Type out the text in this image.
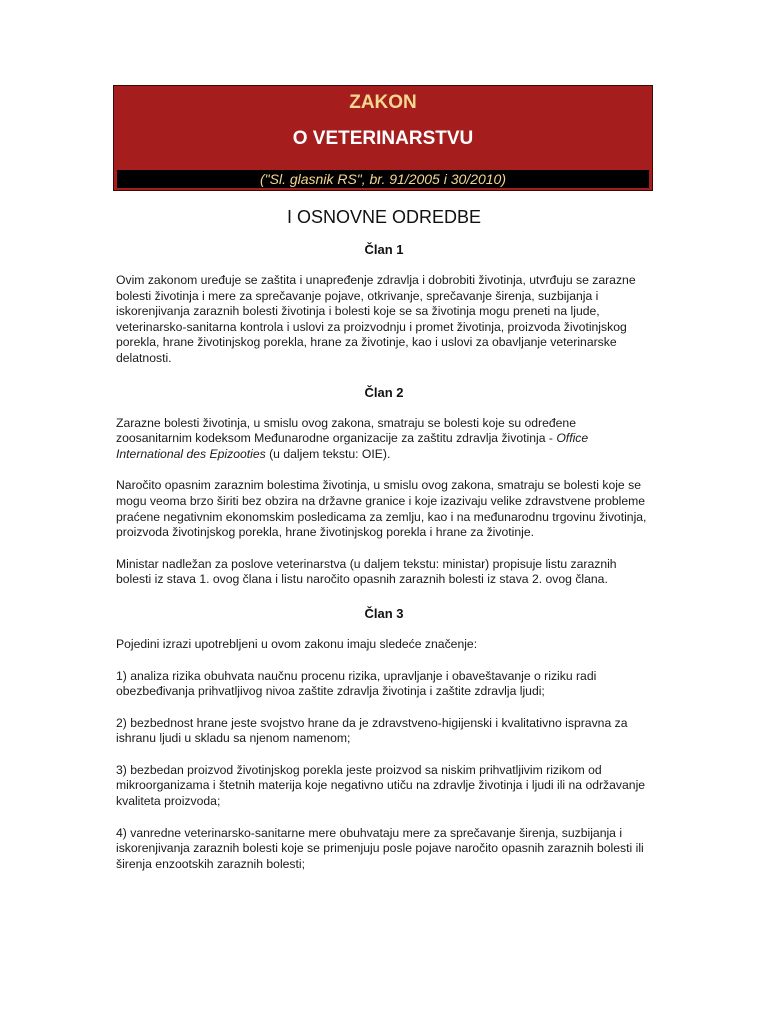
ZAKON
O VETERINARSTVU
("Sl. glasnik RS", br. 91/2005 i 30/2010)
I OSNOVNE ODREDBE
Član 1

Ovim zakonom uređuje se zaštita i unapređenje zdravlja i dobrobiti životinja, utvrđuju se zarazne bolesti životinja i mere za sprečavanje pojave, otkrivanje, sprečavanje širenja, suzbijanja i iskorenjivanja zaraznih bolesti životinja i bolesti koje se sa životinja mogu preneti na ljude, veterinarsko-sanitarna kontrola i uslovi za proizvodnju i promet životinja, proizvoda životinjskog porekla, hrane životinjskog porekla, hrane za životinje, kao i uslovi za obavljanje veterinarske delatnosti.

Član 2

Zarazne bolesti životinja, u smislu ovog zakona, smatraju se bolesti koje su određene zoosanitarnim kodeksom Međunarodne organizacije za zaštitu zdravlja životinja - Office International des Epizooties (u daljem tekstu: OIE).

Naročito opasnim zaraznim bolestima životinja, u smislu ovog zakona, smatraju se bolesti koje se mogu veoma brzo širiti bez obzira na državne granice i koje izazivaju velike zdravstvene probleme praćene negativnim ekonomskim posledicama za zemlju, kao i na međunarodnu trgovinu životinja, proizvoda životinjskog porekla, hrane životinjskog porekla i hrane za životinje.

Ministar nadležan za poslove veterinarstva (u daljem tekstu: ministar) propisuje listu zaraznih bolesti iz stava 1. ovog člana i listu naročito opasnih zaraznih bolesti iz stava 2. ovog člana.

Član 3

Pojedini izrazi upotrebljeni u ovom zakonu imaju sledeće značenje:

1) analiza rizika obuhvata naučnu procenu rizika, upravljanje i obaveštavanje o riziku radi obezbeđivanja prihvatljivog nivoa zaštite zdravlja životinja i zaštite zdravlja ljudi;

2) bezbednost hrane jeste svojstvo hrane da je zdravstveno-higijenski i kvalitativno ispravna za ishranu ljudi u skladu sa njenom namenom;

3) bezbedan proizvod životinjskog porekla jeste proizvod sa niskim prihvatljivim rizikom od mikroorganizama i štetnih materija koje negativno utiču na zdravlje životinja i ljudi ili na održavanje kvaliteta proizvoda;

4) vanredne veterinarsko-sanitarne mere obuhvataju mere za sprečavanje širenja, suzbijanja i iskorenjivanja zaraznih bolesti koje se primenjuju posle pojave naročito opasnih zaraznih bolesti ili širenja enzootskih zaraznih bolesti;
